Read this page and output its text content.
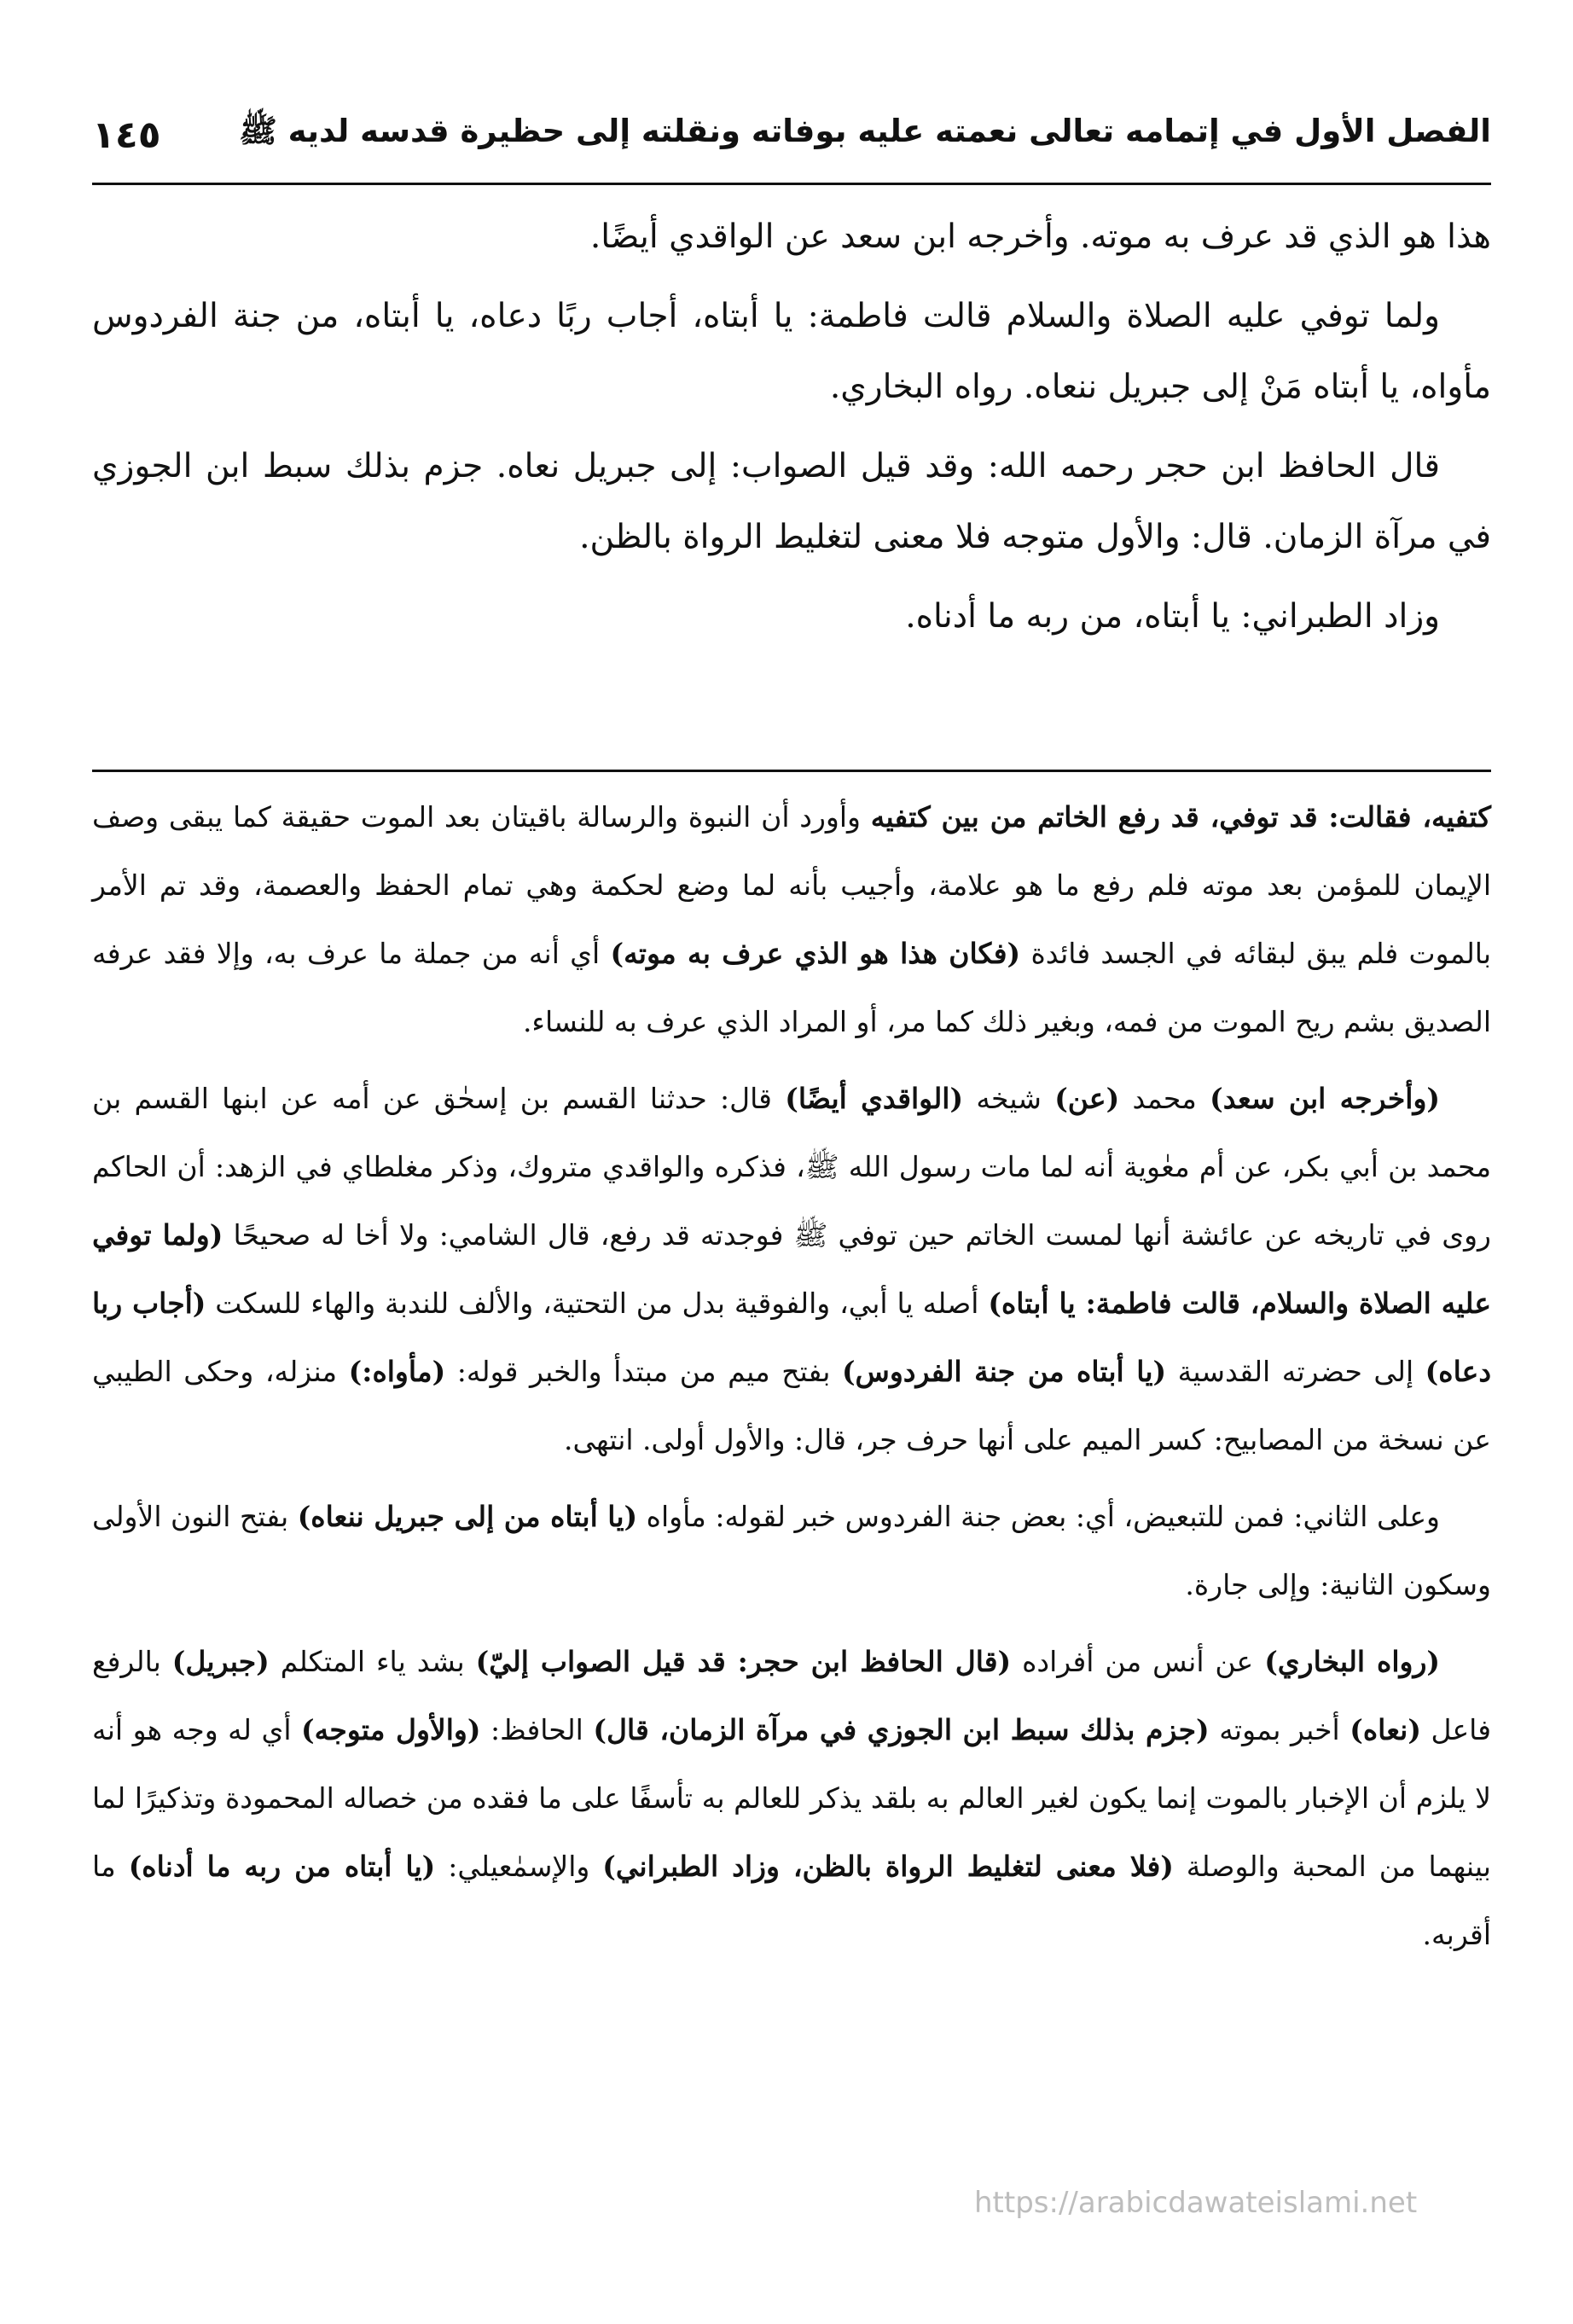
الفصل الأول في إتمامه تعالى نعمته عليه بوفاته ونقلته إلى حظيرة قدسه لديه ﷺ
١٤٥

هذا هو الذي قد عرف به موته. وأخرجه ابن سعد عن الواقدي أيضًا.

ولما توفي عليه الصلاة والسلام قالت فاطمة: يا أبتاه، أجاب ربًا دعاه، يا أبتاه، من جنة الفردوس مأواه، يا أبتاه مَنْ إلى جبريل ننعاه. رواه البخاري.

قال الحافظ ابن حجر رحمه الله: وقد قيل الصواب: إلى جبريل نعاه. جزم بذلك سبط ابن الجوزي في مرآة الزمان. قال: والأول متوجه فلا معنى لتغليط الرواة بالظن.

وزاد الطبراني: يا أبتاه، من ربه ما أدناه.

كتفيه، فقالت: قد توفي، قد رفع الخاتم من بين كتفيه وأورد أن النبوة والرسالة باقيتان بعد الموت حقيقة كما يبقى وصف الإيمان للمؤمن بعد موته فلم رفع ما هو علامة، وأجيب بأنه لما وضع لحكمة وهي تمام الحفظ والعصمة، وقد تم الأمر بالموت فلم يبق لبقائه في الجسد فائدة (فكان هذا هو الذي عرف به موته) أي أنه من جملة ما عرف به، وإلا فقد عرفه الصديق بشم ريح الموت من فمه، وبغير ذلك كما مر، أو المراد الذي عرف به للنساء.

(وأخرجه ابن سعد) محمد (عن) شيخه (الواقدي أيضًا) قال: حدثنا القسم بن إسحٰق عن أمه عن ابنها القسم بن محمد بن أبي بكر، عن أم معٰوية أنه لما مات رسول الله ﷺ، فذكره والواقدي متروك، وذكر مغلطاي في الزهد: أن الحاكم روى في تاريخه عن عائشة أنها لمست الخاتم حين توفي ﷺ فوجدته قد رفع، قال الشامي: ولا أخا له صحيحًا (ولما توفي عليه الصلاة والسلام، قالت فاطمة: يا أبتاه) أصله يا أبي، والفوقية بدل من التحتية، والألف للندبة والهاء للسكت (أجاب ربا دعاه) إلى حضرته القدسية (يا أبتاه من جنة الفردوس) بفتح ميم من مبتدأ والخبر قوله: (مأواه:) منزله، وحكى الطيبي عن نسخة من المصابيح: كسر الميم على أنها حرف جر، قال: والأول أولى. انتهى.

وعلى الثاني: فمن للتبعيض، أي: بعض جنة الفردوس خبر لقوله: مأواه (يا أبتاه من إلى جبريل ننعاه) بفتح النون الأولى وسكون الثانية: وإلى جارة.

(رواه البخاري) عن أنس من أفراده (قال الحافظ ابن حجر: قد قيل الصواب إليّ) بشد ياء المتكلم (جبريل) بالرفع فاعل (نعاه) أخبر بموته (جزم بذلك سبط ابن الجوزي في مرآة الزمان، قال) الحافظ: (والأول متوجه) أي له وجه هو أنه لا يلزم أن الإخبار بالموت إنما يكون لغير العالم به بلقد يذكر للعالم به تأسفًا على ما فقده من خصاله المحمودة وتذكيرًا لما بينهما من المحبة والوصلة (فلا معنى لتغليط الرواة بالظن، وزاد الطبراني) والإسمٰعيلي: (يا أبتاه من ربه ما أدناه) ما أقربه.

https://arabicdawateislami.net
